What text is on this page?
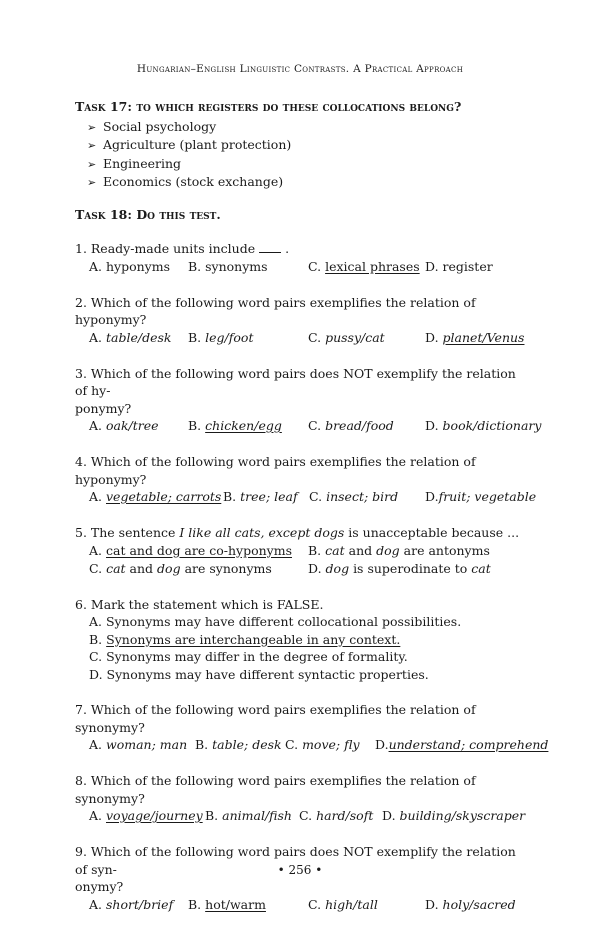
Hungarian–English Linguistic Contrasts. A Practical Approach
Task 17: to which registers do these collocations belong?
➢ Social psychology
➢ Agriculture (plant protection)
➢ Engineering
➢ Economics (stock exchange)
Task 18: Do this test.
1. Ready-made units include .
A. hyponyms B. synonyms	C. lexical phrases D. register
2. Which of the following word pairs exemplifies the relation of hyponymy?
A. table/desk B. leg/foot	C. pussy/cat	D. planet/Venus
3. Which of the following word pairs does NOT exemplify the relation of hy-
ponymy?
A. oak/tree B. chicken/egg C. bread/food D. book/dictionary
4. Which of the following word pairs exemplifies the relation of hyponymy?
A. vegetable; carrots B. tree; leaf C. insect; bird D.fruit; vegetable
5. The sentence I like all cats, except dogs is unacceptable because ...
A. cat and dog are co-hyponyms B. cat and dog are antonyms
C. cat and dog are synonyms	D. dog is superodinate to cat
6. Mark the statement which is FALSE.
A. Synonyms may have different collocational possibilities.
B. Synonyms are interchangeable in any context.
C. Synonyms may differ in the degree of formality.
D. Synonyms may have different syntactic properties.
7. Which of the following word pairs exemplifies the relation of synonymy?
A. woman; man B. table; desk C. move; fly D.understand; comprehend
8. Which of the following word pairs exemplifies the relation of synonymy?
A. voyage/journey B. animal/fish C. hard/soft D. building/skyscraper
9. Which of the following word pairs does NOT exemplify the relation of syn-
onymy?
A. short/brief B. hot/warm	C. high/tall	D. holy/sacred
• 256 •
